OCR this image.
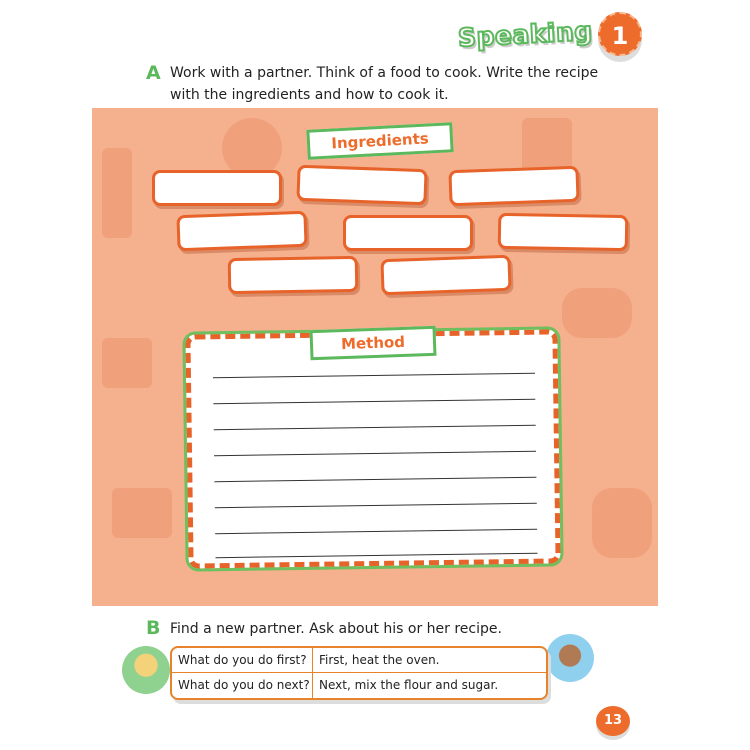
Speaking 1
A Work with a partner. Think of a food to cook. Write the recipe
with the ingredients and how to cook it.
Ingredients
Method
B Find a new partner. Ask about his or her recipe.
What do you do first?	First, heat the oven.
What do you do next? Next, mix the flour and sugar.
13
